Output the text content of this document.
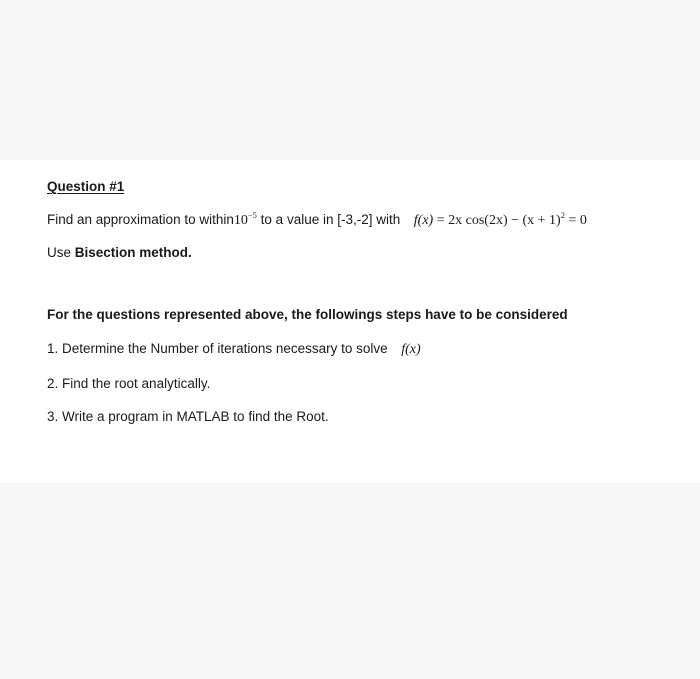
Question #1
Find an approximation to $within10^{-5}$ to a value in [-3,-2] with f(x) = 2x $\cos(2x) - (x + 1)^2 = 0$
Use Bisection method.
For the questions represented above, the followings steps have to be considered
1. Determine the Number of iterations necessary to solve f(x)
2. Find the root analytically.
3. Write a program in MATLAB to find the Root.
